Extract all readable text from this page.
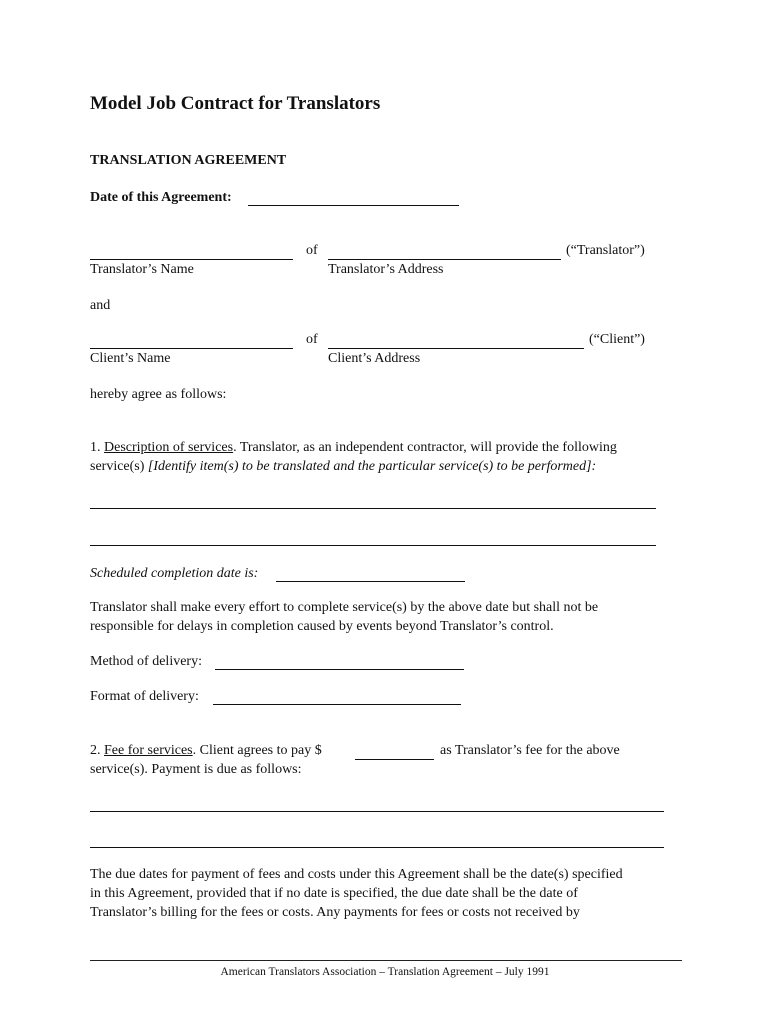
Model Job Contract for Translators
TRANSLATION AGREEMENT
Date of this Agreement:
of	(“Translator”)
Translator’s Name	Translator’s Address
and
of	(“Client”)
Client’s Name	Client’s Address
hereby agree as follows:
1. Description of services. Translator, as an independent contractor, will provide the following
service(s) [Identify item(s) to be translated and the particular service(s) to be performed]:
Scheduled completion date is:
Translator shall make every effort to complete service(s) by the above date but shall not be
responsible for delays in completion caused by events beyond Translator’s control.
Method of delivery:
Format of delivery:
2. Fee for services. Client agrees to pay $	as Translator’s fee for the above
service(s). Payment is due as follows:
The due dates for payment of fees and costs under this Agreement shall be the date(s) specified
in this Agreement, provided that if no date is specified, the due date shall be the date of
Translator’s billing for the fees or costs. Any payments for fees or costs not received by
American Translators Association – Translation Agreement – July 1991
